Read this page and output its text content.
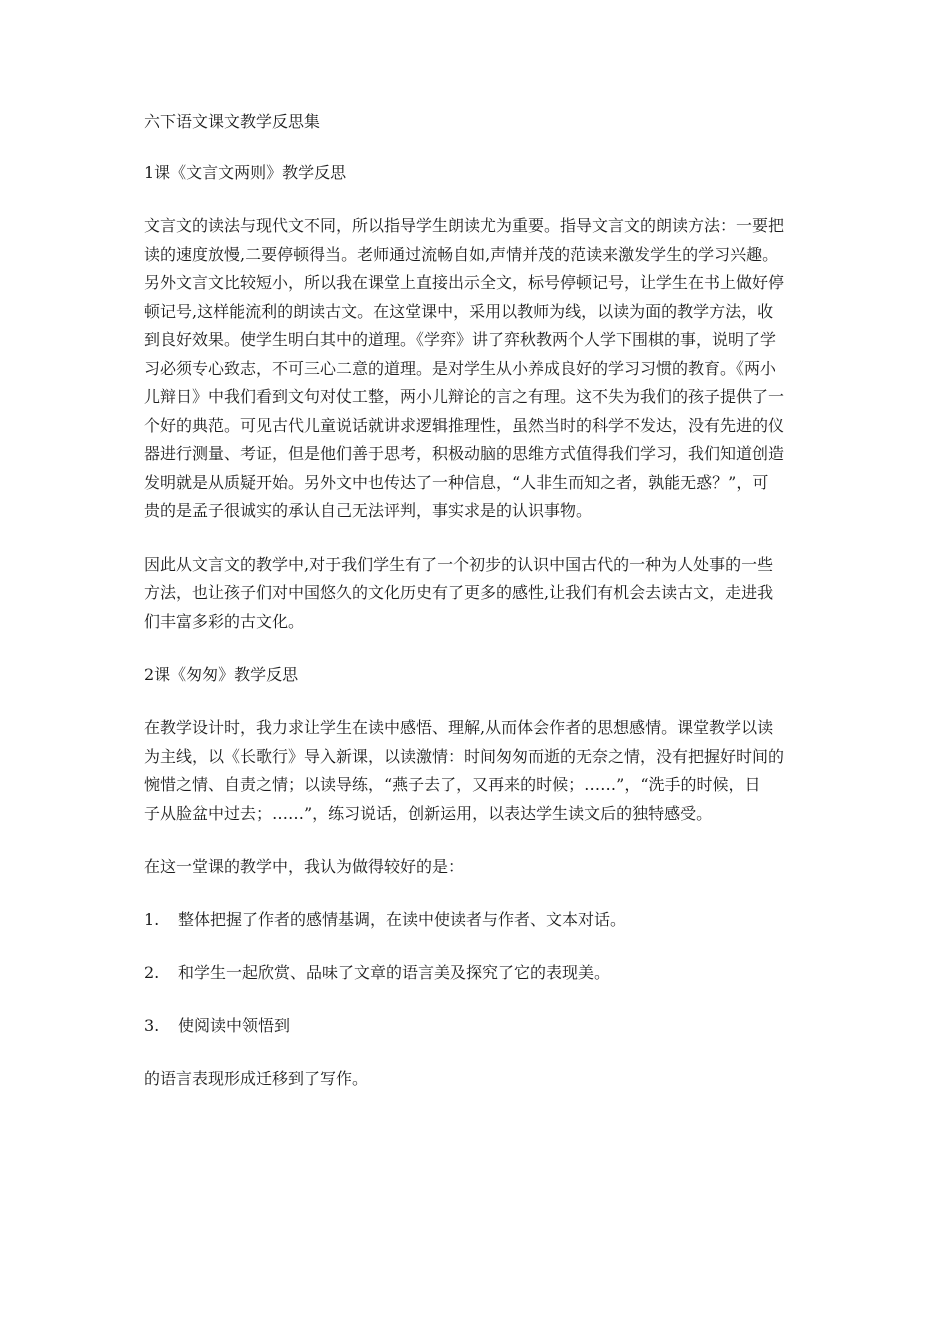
六下语文课文教学反思集

1课《文言文两则》教学反思

文言文的读法与现代文不同，所以指导学生朗读尤为重要。指导文言文的朗读方法：一要把
读的速度放慢,二要停顿得当。老师通过流畅自如,声情并茂的范读来激发学生的学习兴趣。
另外文言文比较短小，所以我在课堂上直接出示全文，标号停顿记号，让学生在书上做好停
顿记号,这样能流利的朗读古文。在这堂课中，采用以教师为线，以读为面的教学方法，收
到良好效果。使学生明白其中的道理。《学弈》讲了弈秋教两个人学下围棋的事，说明了学
习必须专心致志，不可三心二意的道理。是对学生从小养成良好的学习习惯的教育。《两小
儿辩日》中我们看到文句对仗工整，两小儿辩论的言之有理。这不失为我们的孩子提供了一
个好的典范。可见古代儿童说话就讲求逻辑推理性，虽然当时的科学不发达，没有先进的仪
器进行测量、考证，但是他们善于思考，积极动脑的思维方式值得我们学习，我们知道创造
发明就是从质疑开始。另外文中也传达了一种信息，“人非生而知之者，孰能无惑？”，可
贵的是孟子很诚实的承认自己无法评判，事实求是的认识事物。
因此从文言文的教学中,对于我们学生有了一个初步的认识中国古代的一种为人处事的一些
方法，也让孩子们对中国悠久的文化历史有了更多的感性,让我们有机会去读古文，走进我
们丰富多彩的古文化。

2课《匆匆》教学反思

在教学设计时，我力求让学生在读中感悟、理解,从而体会作者的思想感情。课堂教学以读
为主线，以《长歌行》导入新课，以读激情：时间匆匆而逝的无奈之情，没有把握好时间的
惋惜之情、自责之情；以读导练，“燕子去了，又再来的时候；……”，“洗手的时候，日
子从脸盆中过去；……”，练习说话，创新运用，以表达学生读文后的独特感受。

在这一堂课的教学中，我认为做得较好的是：

1. 整体把握了作者的感情基调，在读中使读者与作者、文本对话。

2. 和学生一起欣赏、品味了文章的语言美及探究了它的表现美。

3. 使阅读中领悟到

的语言表现形成迁移到了写作。
